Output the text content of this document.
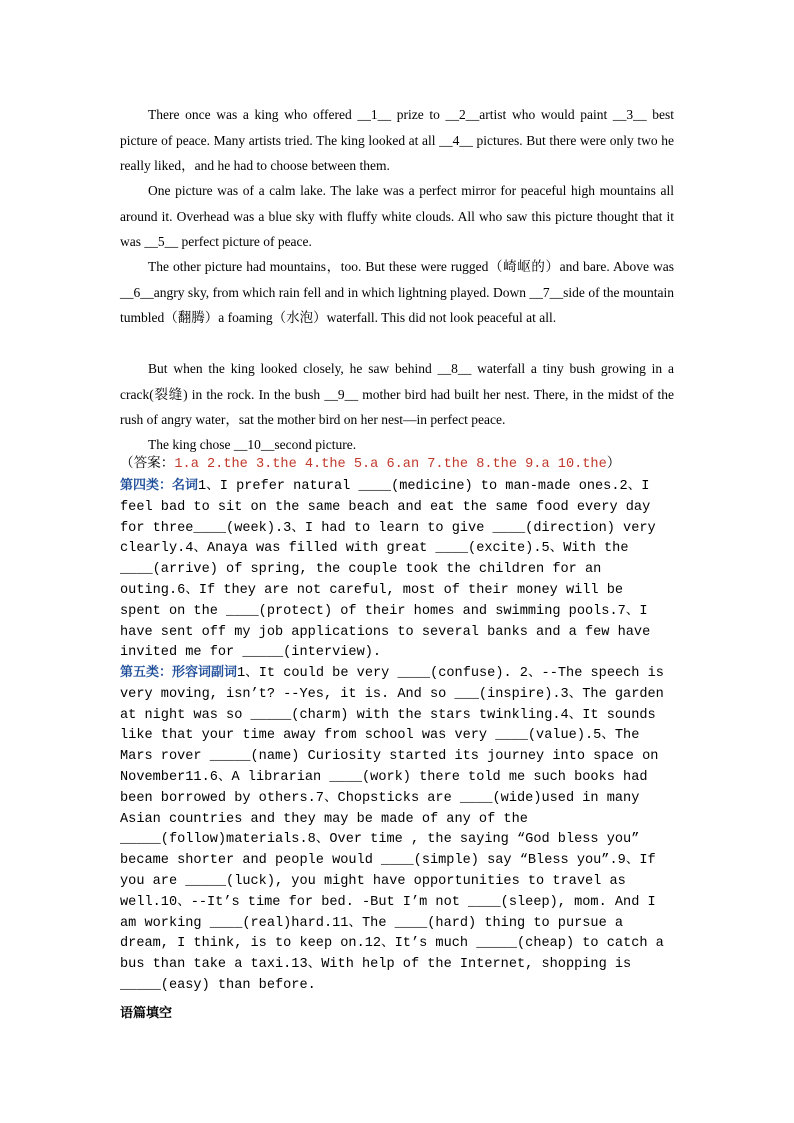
There once was a king who offered __1__ prize to __2__artist who would paint __3__ best picture of peace. Many artists tried. The king looked at all __4__ pictures. But there were only two he really liked，and he had to choose between them.

One picture was of a calm lake. The lake was a perfect mirror for peaceful high mountains all around it. Overhead was a blue sky with fluffy white clouds. All who saw this picture thought that it was __5__ perfect picture of peace.

The other picture had mountains，too. But these were rugged（崎岖的）and bare. Above was __6__angry sky, from which rain fell and in which lightning played. Down __7__side of the mountain tumbled（翻腾）a foaming（水泡）waterfall. This did not look peaceful at all.

But when the king looked closely, he saw behind __8__ waterfall a tiny bush growing in a crack(裂缝) in the rock. In the bush __9__ mother bird had built her nest. There, in the midst of the rush of angry water，sat the mother bird on her nest—in perfect peace.

The king chose __10__second picture.

（答案：1.a 2.the 3.the 4.the 5.a 6.an 7.the 8.the 9.a 10.the）

第四类：名词1、I prefer natural ____(medicine) to man-made ones.2、I feel bad to sit on the same beach and eat the same food every day for three____(week).3、I had to learn to give ____(direction) very clearly.4、Anaya was filled with great ____(excite).5、With the ____(arrive) of spring, the couple took the children for an outing.6、If they are not careful, most of their money will be spent on the ____(protect) of their homes and swimming pools.7、I have sent off my job applications to several banks and a few have invited me for _____(interview).

第五类：形容词副词1、It could be very ____(confuse). 2、--The speech is very moving, isn’t? --Yes, it is. And so ___(inspire).3、The garden at night was so _____(charm) with the stars twinkling.4、It sounds like that your time away from school was very ____(value).5、The Mars rover _____(name) Curiosity started its journey into space on November11.6、A librarian ____(work) there told me such books had been borrowed by others.7、Chopsticks are ____(wide)used in many Asian countries and they may be made of any of the _____(follow)materials.8、Over time , the saying “God bless you” became shorter and people would ____(simple) say “Bless you”.9、If you are _____(luck), you might have opportunities to travel as well.10、--It’s time for bed. -But I’m not ____(sleep), mom. And I am working ____(real)hard.11、The ____(hard) thing to pursue a dream, I think, is to keep on.12、It’s much _____(cheap) to catch a bus than take a taxi.13、With help of the Internet, shopping is _____(easy) than before.

语篇填空
